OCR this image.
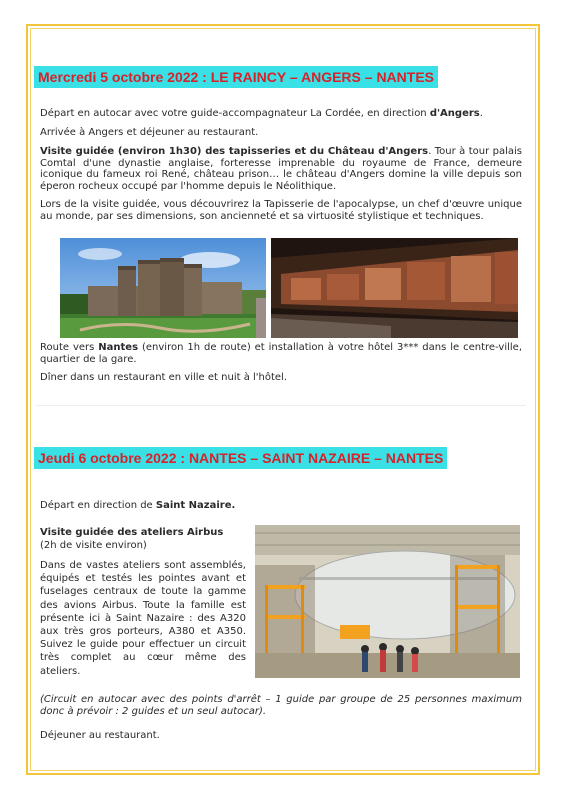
Mercredi 5 octobre 2022 : LE RAINCY – ANGERS – NANTES
Départ en autocar avec votre guide-accompagnateur La Cordée, en direction d'Angers.
Arrivée à Angers et déjeuner au restaurant.
Visite guidée (environ 1h30) des tapisseries et du Château d'Angers. Tour à tour palais Comtal d'une dynastie anglaise, forteresse imprenable du royaume de France, demeure iconique du fameux roi René, château prison… le château d'Angers domine la ville depuis son éperon rocheux occupé par l'homme depuis le Néolithique.
Lors de la visite guidée, vous découvrirez la Tapisserie de l'apocalypse, un chef d'œuvre unique au monde, par ses dimensions, son ancienneté et sa virtuosité stylistique et techniques.
Route vers Nantes (environ 1h de route) et installation à votre hôtel 3*** dans le centre-ville, quartier de la gare.
Dîner dans un restaurant en ville et nuit à l'hôtel.
Jeudi 6 octobre 2022 : NANTES – SAINT NAZAIRE – NANTES
Départ en direction de Saint Nazaire.
Visite guidée des ateliers Airbus
(2h de visite environ)
Dans de vastes ateliers sont assemblés, équipés et testés les pointes avant et fuselages centraux de toute la gamme des avions Airbus. Toute la famille est présente ici à Saint Nazaire : des A320 aux très gros porteurs, A380 et A350. Suivez le guide pour effectuer un circuit très complet au cœur même des ateliers.
(Circuit en autocar avec des points d'arrêt – 1 guide par groupe de 25 personnes maximum donc à prévoir : 2 guides et un seul autocar).
Déjeuner au restaurant.
